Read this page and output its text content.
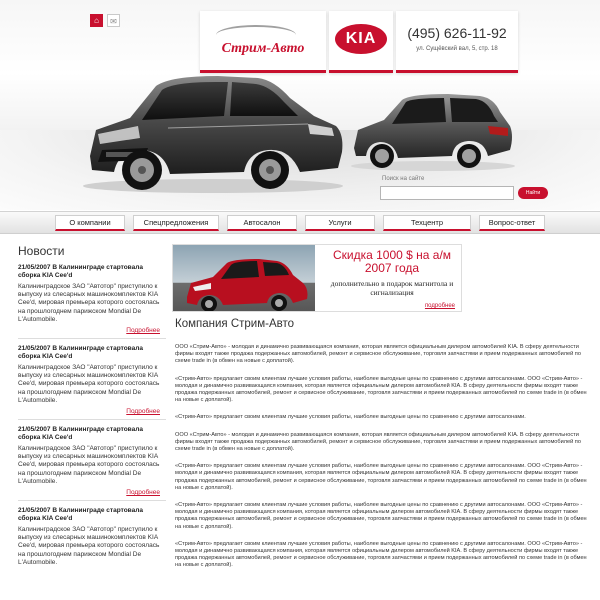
⌂	✉
Стрим-Авто
KIA	(495) 626-11-92
ул. Сущёвский вал, 5, стр. 18
Поиск на сайте
Найти
О компании	Спецпредложения	Автосалон	Услуги	Техцентр	Вопрос-ответ
Новости
21/05/2007 В Калининграде стартовала сборка KIA Cee'd
Калининградское ЗАО "Автотор" приступило к выпуску из слесарных машинокомплектов KIA Cee'd, мировая премьера которого состоялась на прошлогоднем парижском Mondial De L'Automobile.
Подробнее
21/05/2007 В Калининграде стартовала сборка KIA Cee'd
Калининградское ЗАО "Автотор" приступило к выпуску из слесарных машинокомплектов KIA Cee'd, мировая премьера которого состоялась на прошлогоднем парижском Mondial De L'Automobile.
Подробнее
21/05/2007 В Калининграде стартовала сборка KIA Cee'd
Калининградское ЗАО "Автотор" приступило к выпуску из слесарных машинокомплектов KIA Cee'd, мировая премьера которого состоялась на прошлогоднем парижском Mondial De L'Automobile.
Подробнее
21/05/2007 В Калининграде стартовала сборка KIA Cee'd
Калининградское ЗАО "Автотор" приступило к выпуску из слесарных машинокомплектов KIA Cee'd, мировая премьера которого состоялась на прошлогоднем парижском Mondial De L'Automobile.
Скидка 1000 $ на а/м 2007 года
дополнительно в подарок магнитола и сигнализация
подробнее
Компания Стрим-Авто

ООО «Стрим-Авто» - молодая и динамично развивающаяся компания, которая является официальным дилером автомобилей KIA. В сферу деятельности фирмы входят также продажа подержанных автомобилей, ремонт и сервисное обслуживание, торговля запчастями и прием подержанных автомобилей по схеме trade in (в обмен на новые с доплатой).

«Стрим-Авто» предлагает своим клиентам лучшие условия работы, наиболее выгодные цены по сравнению с другими автосалонами. ООО «Стрим-Авто» - молодая и динамично развивающаяся компания, которая является официальным дилером автомобилей KIA. В сферу деятельности фирмы входят также продажа подержанных автомобилей, ремонт и сервисное обслуживание, торговля запчастями и прием подержанных автомобилей по схеме trade in (в обмен на новые с доплатой).

«Стрим-Авто» предлагает своим клиентам лучшие условия работы, наиболее выгодные цены по сравнению с другими автосалонами.

ООО «Стрим-Авто» - молодая и динамично развивающаяся компания, которая является официальным дилером автомобилей KIA. В сферу деятельности фирмы входят также продажа подержанных автомобилей, ремонт и сервисное обслуживание, торговля запчастями и прием подержанных автомобилей по схеме trade in (в обмен на новые с доплатой).

«Стрим-Авто» предлагает своим клиентам лучшие условия работы, наиболее выгодные цены по сравнению с другими автосалонами. ООО «Стрим-Авто» - молодая и динамично развивающаяся компания, которая является официальным дилером автомобилей KIA. В сферу деятельности фирмы входят также продажа подержанных автомобилей, ремонт и сервисное обслуживание, торговля запчастями и прием подержанных автомобилей по схеме trade in (в обмен на новые с доплатой).

«Стрим-Авто» предлагает своим клиентам лучшие условия работы, наиболее выгодные цены по сравнению с другими автосалонами. ООО «Стрим-Авто» - молодая и динамично развивающаяся компания, которая является официальным дилером автомобилей KIA. В сферу деятельности фирмы входят также продажа подержанных автомобилей, ремонт и сервисное обслуживание, торговля запчастями и прием подержанных автомобилей по схеме trade in (в обмен на новые с доплатой).

«Стрим-Авто» предлагает своим клиентам лучшие условия работы, наиболее выгодные цены по сравнению с другими автосалонами. ООО «Стрим-Авто» - молодая и динамично развивающаяся компания, которая является официальным дилером автомобилей KIA. В сферу деятельности фирмы входят также продажа подержанных автомобилей, ремонт и сервисное обслуживание, торговля запчастями и прием подержанных автомобилей по схеме trade in (в обмен на новые с доплатой).
